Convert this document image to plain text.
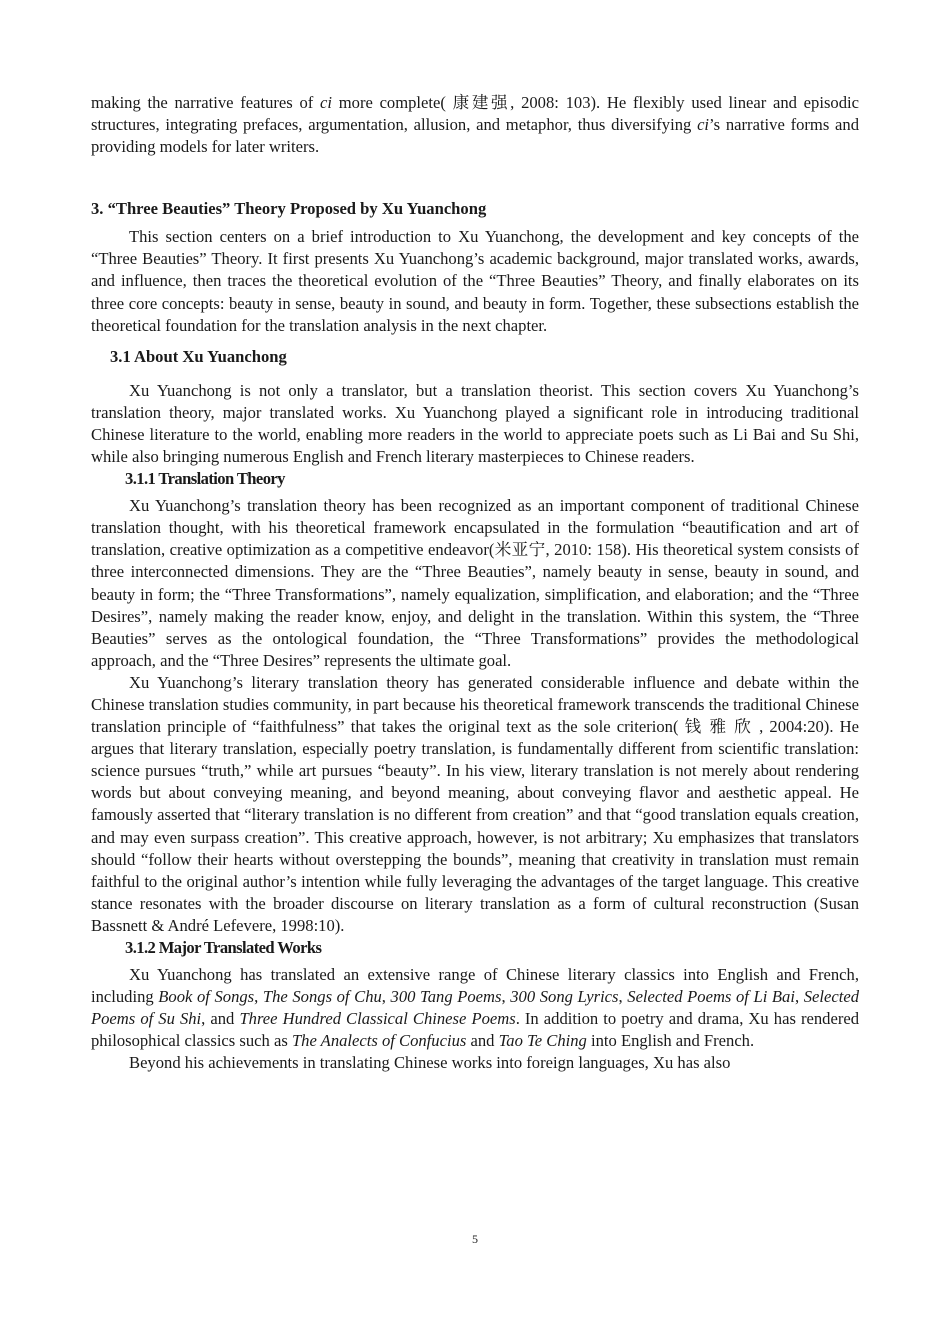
making the narrative features of ci more complete( 康建强, 2008: 103). He flexibly used linear and episodic structures, integrating prefaces, argumentation, allusion, and metaphor, thus diversifying ci’s narrative forms and providing models for later writers.

3. “Three Beauties” Theory Proposed by Xu Yuanchong

This section centers on a brief introduction to Xu Yuanchong, the development and key concepts of the “Three Beauties” Theory. It first presents Xu Yuanchong’s academic background, major translated works, awards, and influence, then traces the theoretical evolution of the “Three Beauties” Theory, and finally elaborates on its three core concepts: beauty in sense, beauty in sound, and beauty in form. Together, these subsections establish the theoretical foundation for the translation analysis in the next chapter.

3.1 About Xu Yuanchong

Xu Yuanchong is not only a translator, but a translation theorist. This section covers Xu Yuanchong’s translation theory, major translated works. Xu Yuanchong played a significant role in introducing traditional Chinese literature to the world, enabling more readers in the world to appreciate poets such as Li Bai and Su Shi, while also bringing numerous English and French literary masterpieces to Chinese readers.

3.1.1 Translation Theory

Xu Yuanchong’s translation theory has been recognized as an important component of traditional Chinese translation thought, with his theoretical framework encapsulated in the formulation “beautification and art of translation, creative optimization as a competitive endeavor(米亚宁, 2010: 158). His theoretical system consists of three interconnected dimensions. They are the “Three Beauties”, namely beauty in sense, beauty in sound, and beauty in form; the “Three Transformations”, namely equalization, simplification, and elaboration; and the “Three Desires”, namely making the reader know, enjoy, and delight in the translation. Within this system, the “Three Beauties” serves as the ontological foundation, the “Three Transformations” provides the methodological approach, and the “Three Desires” represents the ultimate goal.

Xu Yuanchong’s literary translation theory has generated considerable influence and debate within the Chinese translation studies community, in part because his theoretical framework transcends the traditional Chinese translation principle of “faithfulness” that takes the original text as the sole criterion( 钱 雅 欣 , 2004:20). He argues that literary translation, especially poetry translation, is fundamentally different from scientific translation: science pursues “truth,” while art pursues “beauty”. In his view, literary translation is not merely about rendering words but about conveying meaning, and beyond meaning, about conveying flavor and aesthetic appeal. He famously asserted that “literary translation is no different from creation” and that “good translation equals creation, and may even surpass creation”. This creative approach, however, is not arbitrary; Xu emphasizes that translators should “follow their hearts without overstepping the bounds”, meaning that creativity in translation must remain faithful to the original author’s intention while fully leveraging the advantages of the target language. This creative stance resonates with the broader discourse on literary translation as a form of cultural reconstruction (Susan Bassnett & André Lefevere, 1998:10).

3.1.2 Major Translated Works

Xu Yuanchong has translated an extensive range of Chinese literary classics into English and French, including Book of Songs, The Songs of Chu, 300 Tang Poems, 300 Song Lyrics, Selected Poems of Li Bai, Selected Poems of Su Shi, and Three Hundred Classical Chinese Poems. In addition to poetry and drama, Xu has rendered philosophical classics such as The Analects of Confucius and Tao Te Ching into English and French.

Beyond his achievements in translating Chinese works into foreign languages, Xu has also

5
